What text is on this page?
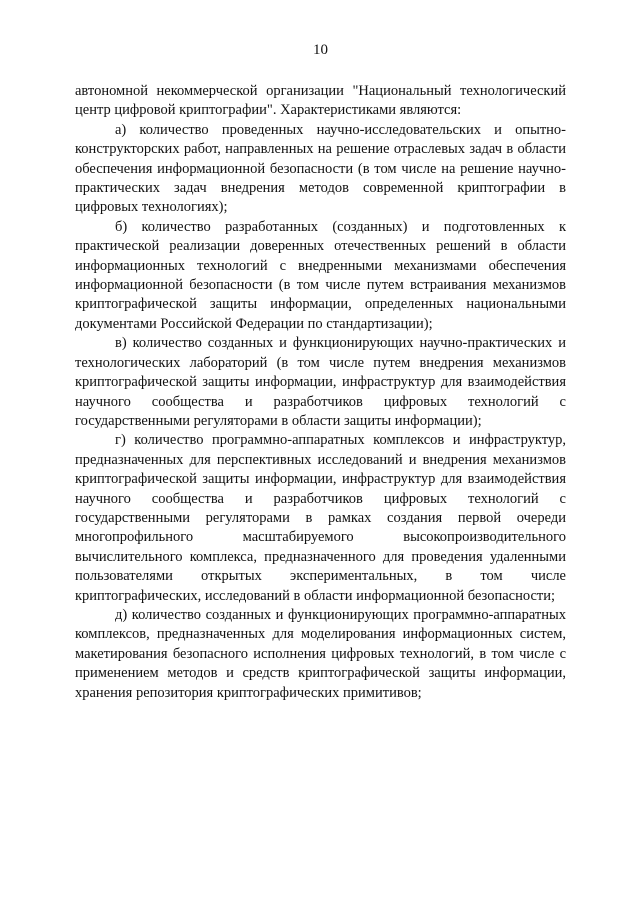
10

автономной некоммерческой организации "Национальный технологический центр цифровой криптографии". Характеристиками являются:

а) количество проведенных научно-исследовательских и опытно-конструкторских работ, направленных на решение отраслевых задач в области обеспечения информационной безопасности (в том числе на решение научно-практических задач внедрения методов современной криптографии в цифровых технологиях);

б) количество разработанных (созданных) и подготовленных к практической реализации доверенных отечественных решений в области информационных технологий с внедренными механизмами обеспечения информационной безопасности (в том числе путем встраивания механизмов криптографической защиты информации, определенных национальными документами Российской Федерации по стандартизации);

в) количество созданных и функционирующих научно-практических и технологических лабораторий (в том числе путем внедрения механизмов криптографической защиты информации, инфраструктур для взаимодействия научного сообщества и разработчиков цифровых технологий с государственными регуляторами в области защиты информации);

г) количество программно-аппаратных комплексов и инфраструктур, предназначенных для перспективных исследований и внедрения механизмов криптографической защиты информации, инфраструктур для взаимодействия научного сообщества и разработчиков цифровых технологий с государственными регуляторами в рамках создания первой очереди многопрофильного масштабируемого высокопроизводительного вычислительного комплекса, предназначенного для проведения удаленными пользователями открытых экспериментальных, в том числе криптографических, исследований в области информационной безопасности;

д) количество созданных и функционирующих программно-аппаратных комплексов, предназначенных для моделирования информационных систем, макетирования безопасного исполнения цифровых технологий, в том числе с применением методов и средств криптографической защиты информации, хранения репозитория криптографических примитивов;
